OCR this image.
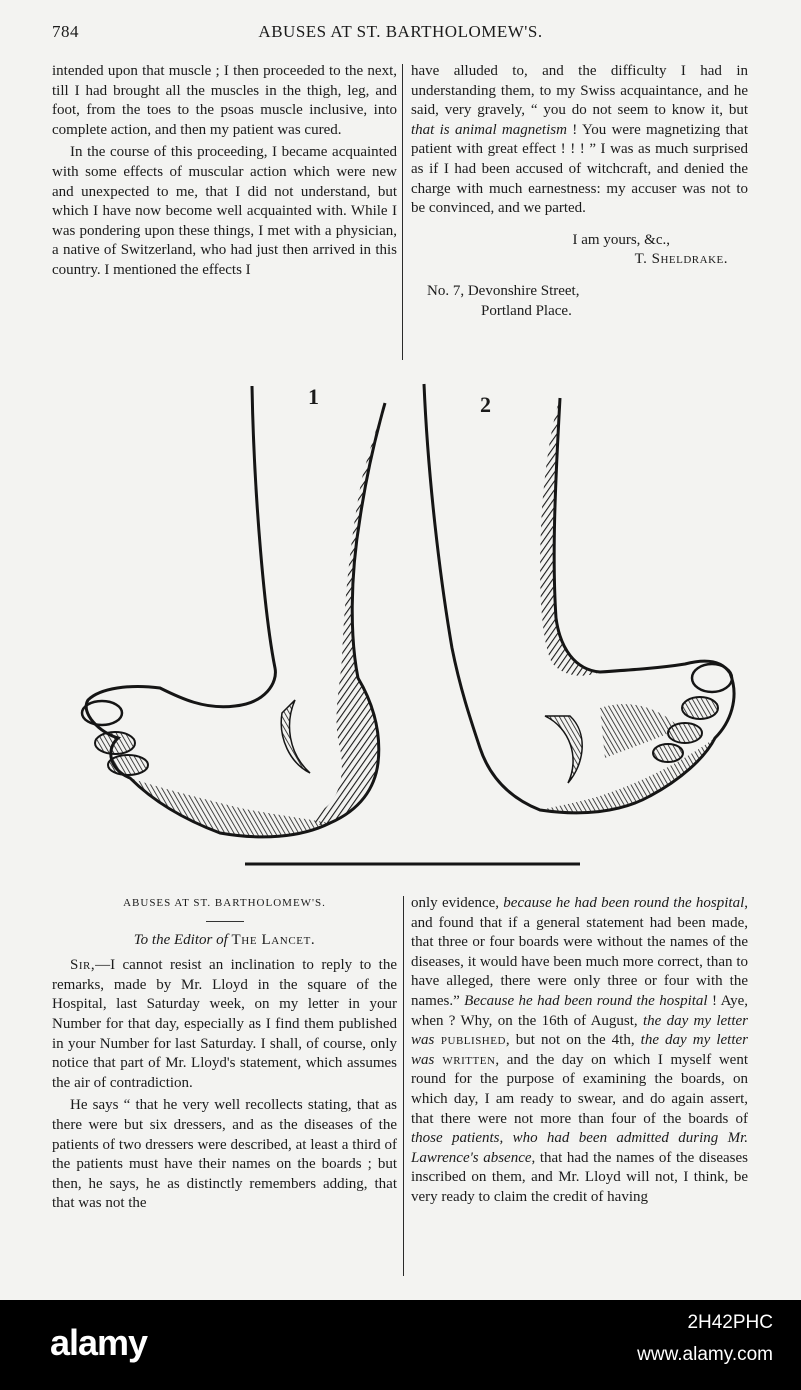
784	ABUSES AT ST. BARTHOLOMEW'S.

intended upon that muscle ; I then proceeded to the next, till I had brought all the muscles in the thigh, leg, and foot, from the toes to the psoas muscle inclusive, into complete action, and then my patient was cured.

In the course of this proceeding, I became acquainted with some effects of muscular action which were new and unexpected to me, that I did not understand, but which I have now become well acquainted with. While I was pondering upon these things, I met with a physician, a native of Switzerland, who had just then arrived in this country. I mentioned the effects I

have alluded to, and the difficulty I had in understanding them, to my Swiss acquaintance, and he said, very gravely, “ you do not seem to know it, but that is animal magnetism ! You were magnetizing that patient with great effect ! ! ! ” I was as much surprised as if I had been accused of witchcraft, and denied the charge with much earnestness: my accuser was not to be convinced, and we parted.

I am yours, &c.,

T. Sheldrake.

No. 7, Devonshire Street,

Portland Place.

1	2

ABUSES AT ST. BARTHOLOMEW'S.

To the Editor of The Lancet.

Sir,—I cannot resist an inclination to reply to the remarks, made by Mr. Lloyd in the square of the Hospital, last Saturday week, on my letter in your Number for that day, especially as I find them published in your Number for last Saturday. I shall, of course, only notice that part of Mr. Lloyd's statement, which assumes the air of contradiction.

He says “ that he very well recollects stating, that as there were but six dressers, and as the diseases of the patients of two dressers were described, at least a third of the patients must have their names on the boards ; but then, he says, he as distinctly remembers adding, that that was not the

only evidence, because he had been round the hospital, and found that if a general statement had been made, that three or four boards were without the names of the diseases, it would have been much more correct, than to have alleged, there were only three or four with the names.” Because he had been round the hospital ! Aye, when ? Why, on the 16th of August, the day my letter was published, but not on the 4th, the day my letter was written, and the day on which I myself went round for the purpose of examining the boards, on which day, I am ready to swear, and do again assert, that there were not more than four of the boards of those patients, who had been admitted during Mr. Lawrence's absence, that had the names of the diseases inscribed on them, and Mr. Lloyd will not, I think, be very ready to claim the credit of having

alamy	2H42PHC
www.alamy.com
